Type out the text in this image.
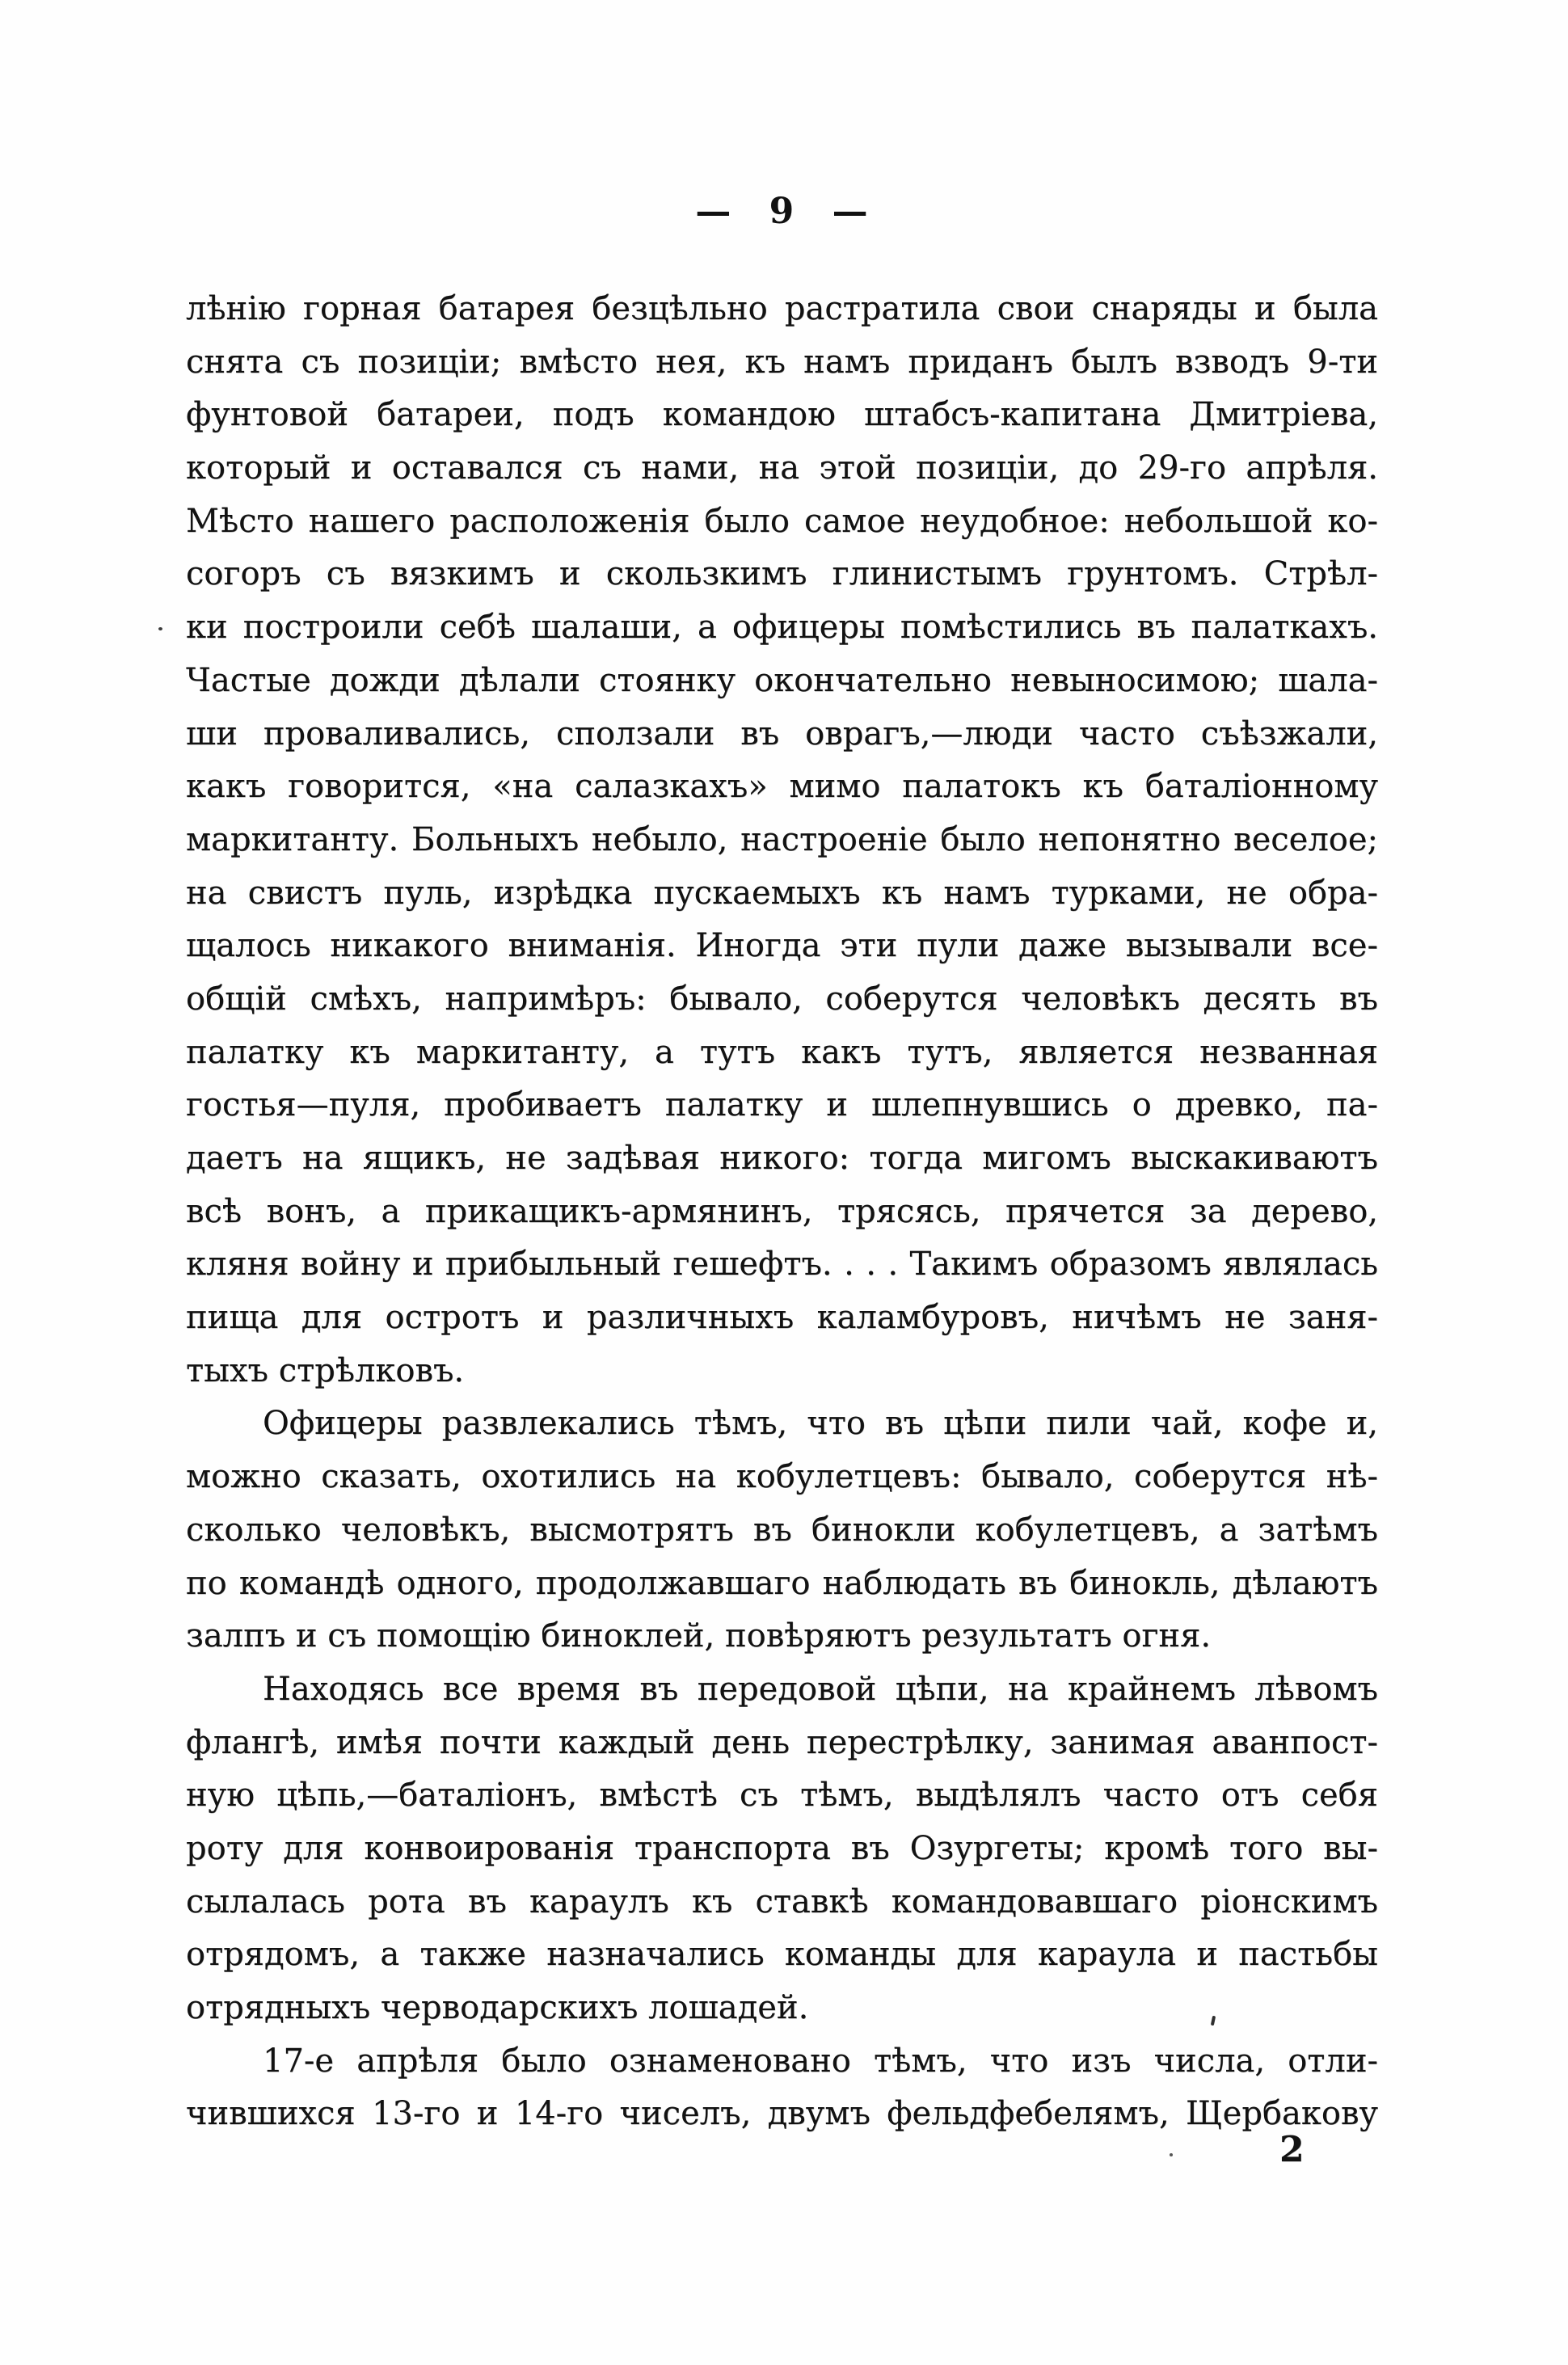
— 9 —
лѣнію горная батарея безцѣльно растратила свои снаряды и была
снята съ позиціи; вмѣсто нея, къ намъ приданъ былъ взводъ 9-ти
фунтовой батареи, подъ командою штабсъ-капитана Дмитріева,
который и оставался съ нами, на этой позиціи, до 29-го апрѣля.
Мѣсто нашего расположенія было самое неудобное: небольшой ко-
согоръ съ вязкимъ и скользкимъ глинистымъ грунтомъ. Стрѣл-
ки построили себѣ шалаши, а офицеры помѣстились въ палаткахъ.
Частые дожди дѣлали стоянку окончательно невыносимою; шала-
ши проваливались, сползали въ оврагъ,—люди часто съѣзжали,
какъ говорится, «на салазкахъ» мимо палатокъ къ баталіонному
маркитанту. Больныхъ небыло, настроеніе было непонятно веселое;
на свистъ пуль, изрѣдка пускаемыхъ къ намъ турками, не обра-
щалось никакого вниманія. Иногда эти пули даже вызывали все-
общій смѣхъ, напримѣръ: бывало, соберутся человѣкъ десять въ
палатку къ маркитанту, а тутъ какъ тутъ, является незванная
гостья—пуля, пробиваетъ палатку и шлепнувшись о древко, па-
даетъ на ящикъ, не задѣвая никого: тогда мигомъ выскакиваютъ
всѣ вонъ, а прикащикъ-армянинъ, трясясь, прячется за дерево,
кляня войну и прибыльный гешефтъ. . . . Такимъ образомъ являлась
пища для остротъ и различныхъ каламбуровъ, ничѣмъ не заня-
тыхъ стрѣлковъ.
Офицеры развлекались тѣмъ, что въ цѣпи пили чай, кофе и,
можно сказать, охотились на кобулетцевъ: бывало, соберутся нѣ-
сколько человѣкъ, высмотрятъ въ бинокли кобулетцевъ, а затѣмъ
по командѣ одного, продолжавшаго наблюдать въ бинокль, дѣлаютъ
залпъ и съ помощію биноклей, повѣряютъ результатъ огня.
Находясь все время въ передовой цѣпи, на крайнемъ лѣвомъ
флангѣ, имѣя почти каждый день перестрѣлку, занимая аванпост-
ную цѣпь,—баталіонъ, вмѣстѣ съ тѣмъ, выдѣлялъ часто отъ себя
роту для конвоированія транспорта въ Озургеты; кромѣ того вы-
сылалась рота въ караулъ къ ставкѣ командовавшаго ріонскимъ
отрядомъ, а также назначались команды для караула и пастьбы
отрядныхъ черводарскихъ лошадей.
17-е апрѣля было ознаменовано тѣмъ, что изъ числа, отли-
чившихся 13-го и 14-го чиселъ, двумъ фельдфебелямъ, Щербакову
2
